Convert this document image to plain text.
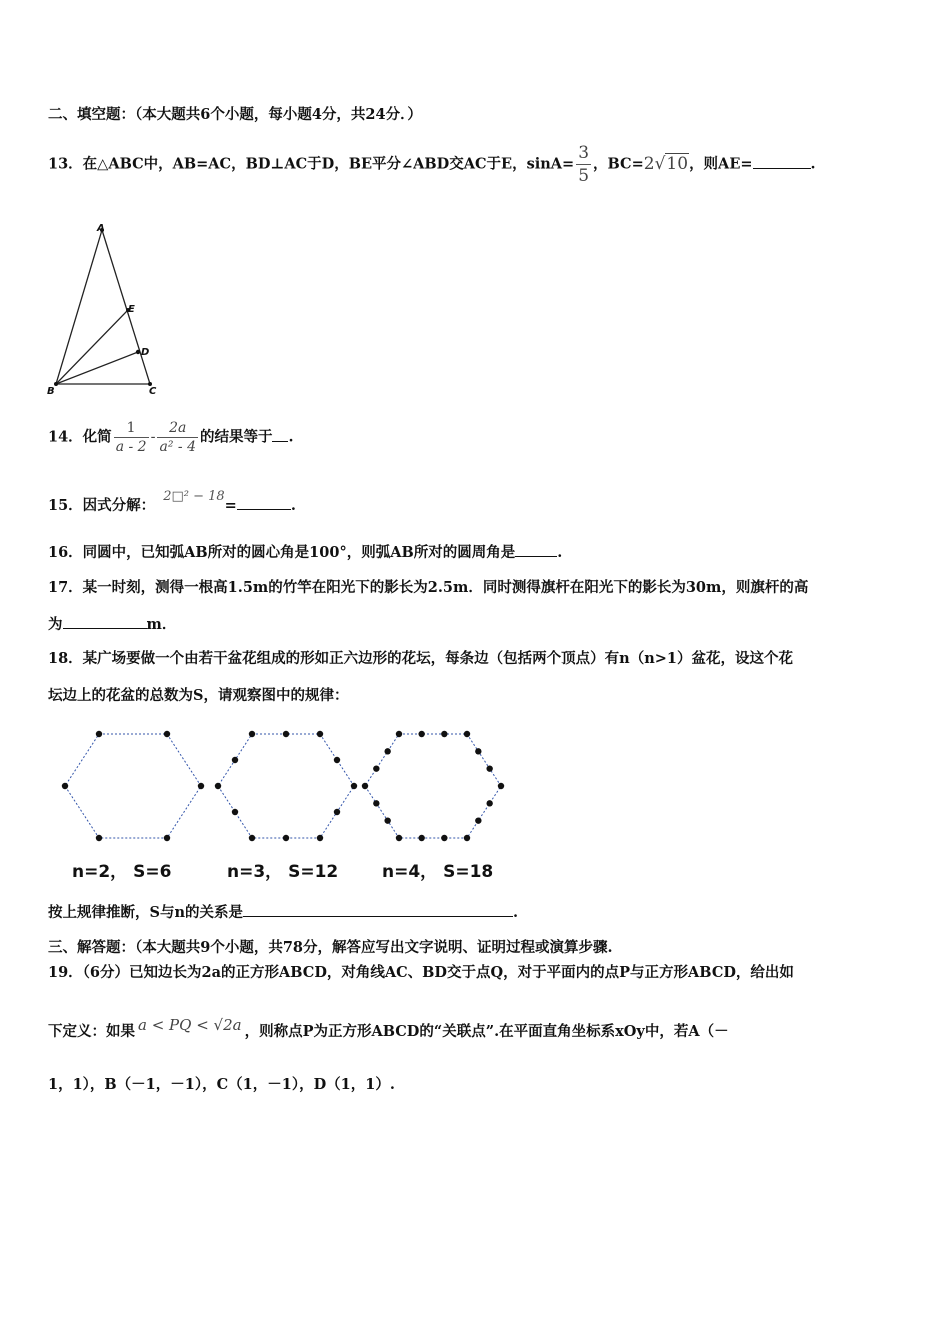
二、填空题：（本大题共6个小题，每小题4分，共24分．）
13．在△ABC中，AB=AC，BD⊥AC于D，BE平分∠ABD交AC于E，$\sin A= \frac{3}{5}$ ，BC=2√10，则AE=	.
A
B	C
E
D
14．化简 $\frac{1}{a - 2} - \frac{2a}{\text{a² - 4}}$ 的结果等于 .
15．因式分解：2□² − 18=	.
16．同圆中，已知弧AB所对的圆心角是100°，则弧AB所对的圆周角是	.
17．某一时刻，测得一根高1.5m的竹竿在阳光下的影长为2.5m．同时测得旗杆在阳光下的影长为30m，则旗杆的高
为	m．
18．某广场要做一个由若干盆花组成的形如正六边形的花坛，每条边（包括两个顶点）有n（n>1）盆花，设这个花
坛边上的花盆的总数为S，请观察图中的规律：
n=2， S=6	n=3， S=12	n=4， S=18
按上规律推断，S与n的关系是	.
三、解答题：（本大题共9个小题，共78分，解答应写出文字说明、证明过程或演算步骤.
19．（6分）已知边长为2a的正方形ABCD，对角线AC、BD交于点Q，对于平面内的点P与正方形ABCD，给出如
下定义：如果 a < PQ < √2a ，则称点P为正方形ABCD的“关联点”.在平面直角坐标系xOy中，若A（－
1，1），B（－1，－1），C（1，－1），D（1，1）.
